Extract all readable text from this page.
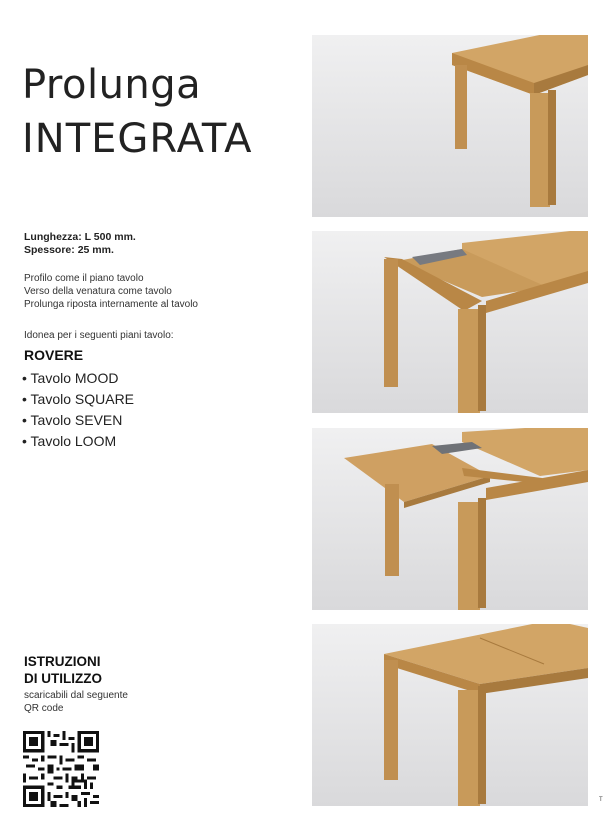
Prolunga
INTEGRATA
Lunghezza: L 500 mm.
Spessore: 25 mm.
Profilo come il piano tavolo
Verso della venatura come tavolo
Prolunga riposta internamente al tavolo
Idonea per i seguenti piani tavolo:
ROVERE
• Tavolo MOOD
• Tavolo SQUARE
• Tavolo SEVEN
• Tavolo LOOM
ISTRUZIONI
DI UTILIZZO
scaricabili dal seguente
QR code
T
